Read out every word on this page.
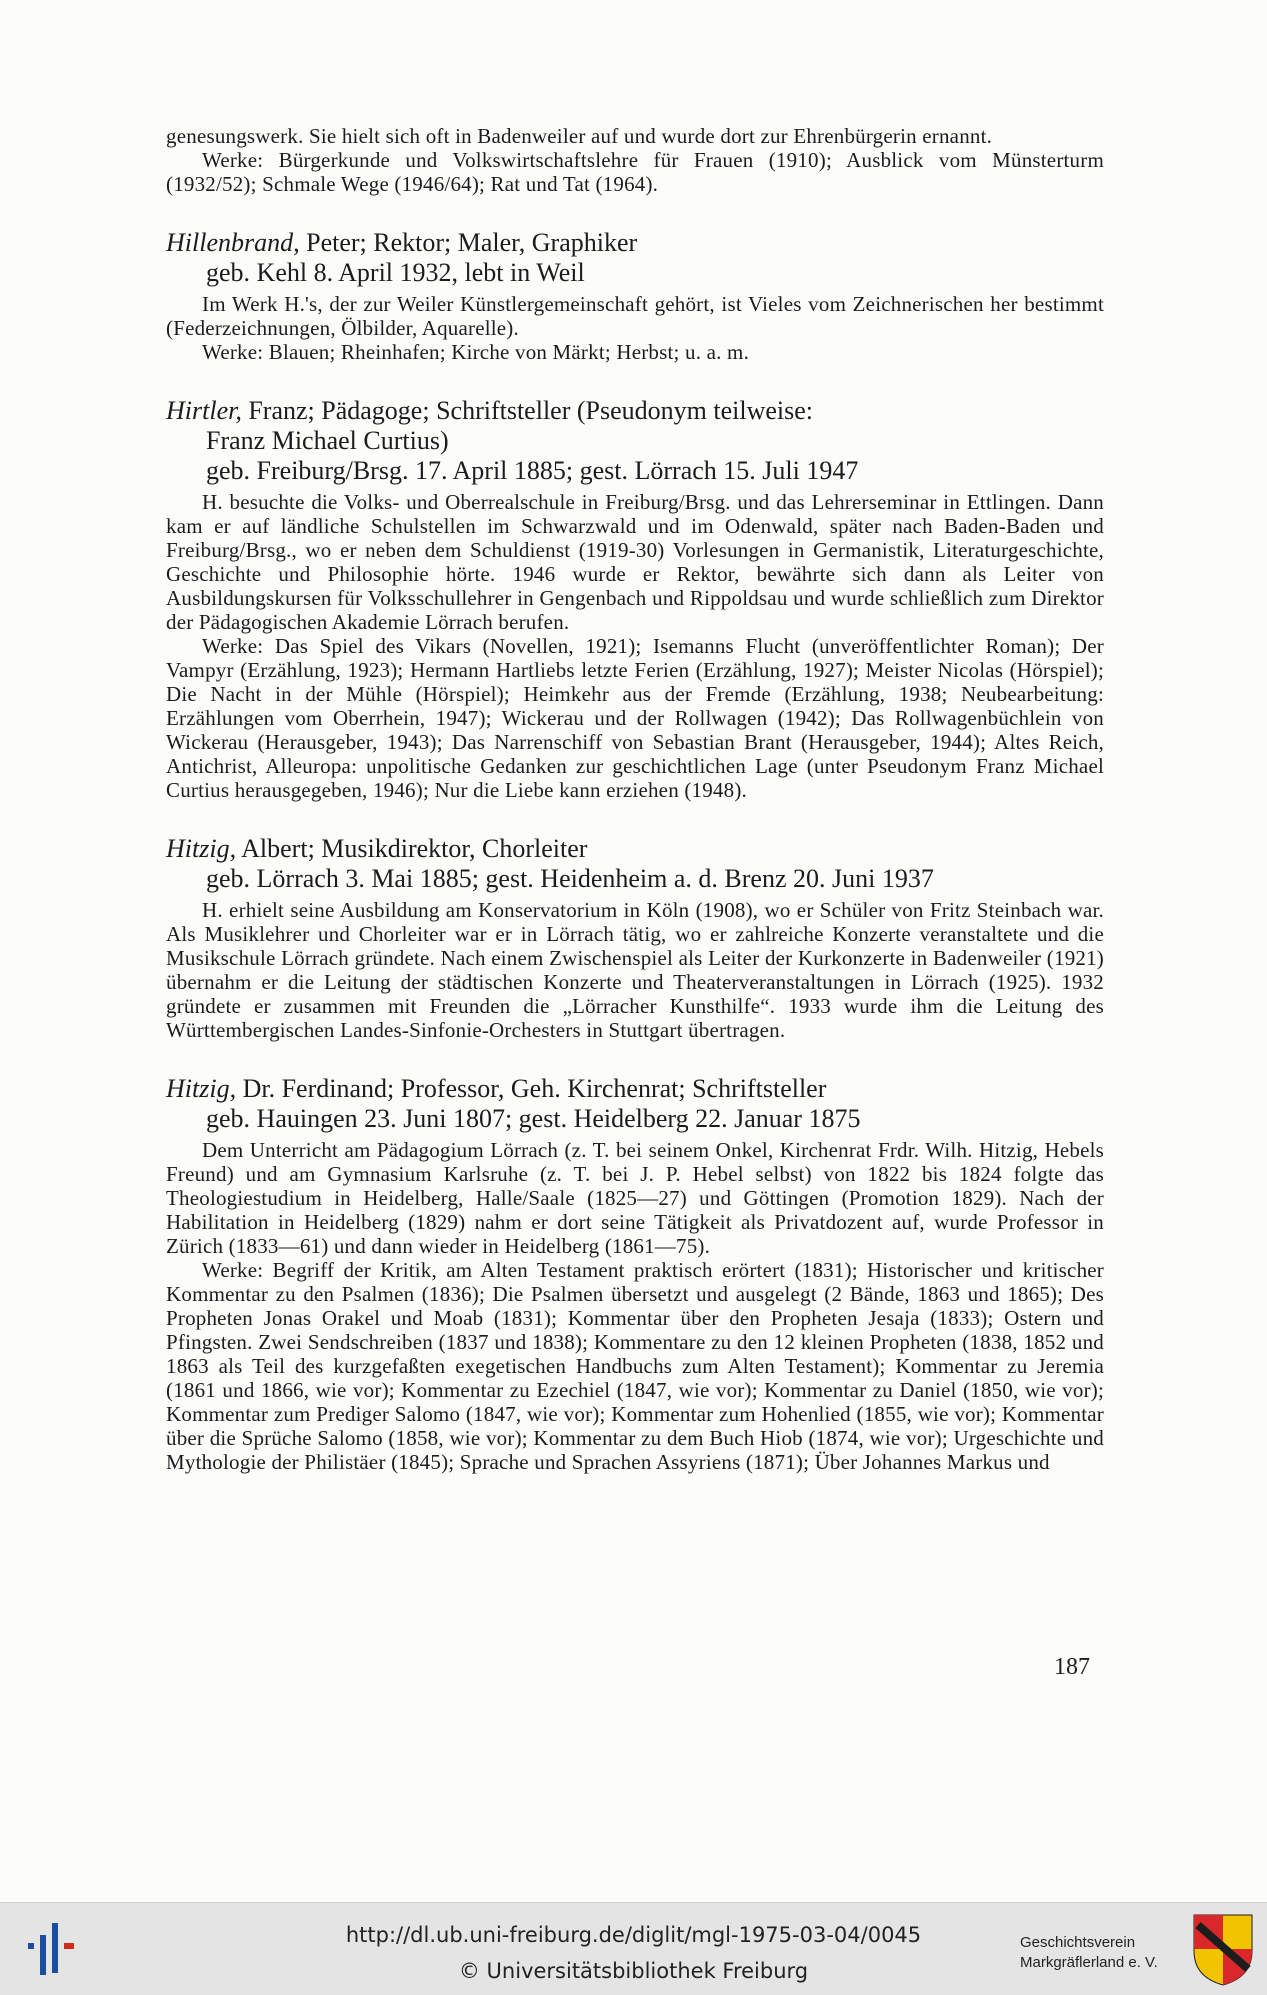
genesungswerk. Sie hielt sich oft in Badenweiler auf und wurde dort zur Ehrenbürgerin ernannt.

Werke: Bürgerkunde und Volkswirtschaftslehre für Frauen (1910); Ausblick vom Münsterturm (1932/52); Schmale Wege (1946/64); Rat und Tat (1964).

Hillenbrand, Peter; Rektor; Maler, Graphiker
geb. Kehl 8. April 1932, lebt in Weil

Im Werk H.'s, der zur Weiler Künstlergemeinschaft gehört, ist Vieles vom Zeichnerischen her bestimmt (Federzeichnungen, Ölbilder, Aquarelle).

Werke: Blauen; Rheinhafen; Kirche von Märkt; Herbst; u. a. m.

Hirtler, Franz; Pädagoge; Schriftsteller (Pseudonym teilweise:
Franz Michael Curtius)
geb. Freiburg/Brsg. 17. April 1885; gest. Lörrach 15. Juli 1947

H. besuchte die Volks- und Oberrealschule in Freiburg/Brsg. und das Lehrerseminar in Ettlingen. Dann kam er auf ländliche Schulstellen im Schwarzwald und im Odenwald, später nach Baden-Baden und Freiburg/Brsg., wo er neben dem Schuldienst (1919-30) Vorlesungen in Germanistik, Literaturgeschichte, Geschichte und Philosophie hörte. 1946 wurde er Rektor, bewährte sich dann als Leiter von Ausbildungskursen für Volksschullehrer in Gengenbach und Rippoldsau und wurde schließlich zum Direktor der Pädagogischen Akademie Lörrach berufen.

Werke: Das Spiel des Vikars (Novellen, 1921); Isemanns Flucht (unveröffentlichter Roman); Der Vampyr (Erzählung, 1923); Hermann Hartliebs letzte Ferien (Erzählung, 1927); Meister Nicolas (Hörspiel); Die Nacht in der Mühle (Hörspiel); Heimkehr aus der Fremde (Erzählung, 1938; Neubearbeitung: Erzählungen vom Oberrhein, 1947); Wickerau und der Rollwagen (1942); Das Rollwagenbüchlein von Wickerau (Herausgeber, 1943); Das Narrenschiff von Sebastian Brant (Herausgeber, 1944); Altes Reich, Antichrist, Alleuropa: unpolitische Gedanken zur geschichtlichen Lage (unter Pseudonym Franz Michael Curtius herausgegeben, 1946); Nur die Liebe kann erziehen (1948).

Hitzig, Albert; Musikdirektor, Chorleiter
geb. Lörrach 3. Mai 1885; gest. Heidenheim a. d. Brenz 20. Juni 1937

H. erhielt seine Ausbildung am Konservatorium in Köln (1908), wo er Schüler von Fritz Steinbach war. Als Musiklehrer und Chorleiter war er in Lörrach tätig, wo er zahlreiche Konzerte veranstaltete und die Musikschule Lörrach gründete. Nach einem Zwischenspiel als Leiter der Kurkonzerte in Badenweiler (1921) übernahm er die Leitung der städtischen Konzerte und Theaterveranstaltungen in Lörrach (1925). 1932 gründete er zusammen mit Freunden die „Lörracher Kunsthilfe“. 1933 wurde ihm die Leitung des Württembergischen Landes-Sinfonie-Orchesters in Stuttgart übertragen.

Hitzig, Dr. Ferdinand; Professor, Geh. Kirchenrat; Schriftsteller
geb. Hauingen 23. Juni 1807; gest. Heidelberg 22. Januar 1875

Dem Unterricht am Pädagogium Lörrach (z. T. bei seinem Onkel, Kirchenrat Frdr. Wilh. Hitzig, Hebels Freund) und am Gymnasium Karlsruhe (z. T. bei J. P. Hebel selbst) von 1822 bis 1824 folgte das Theologiestudium in Heidelberg, Halle/Saale (1825—27) und Göttingen (Promotion 1829). Nach der Habilitation in Heidelberg (1829) nahm er dort seine Tätigkeit als Privatdozent auf, wurde Professor in Zürich (1833—61) und dann wieder in Heidelberg (1861—75).

Werke: Begriff der Kritik, am Alten Testament praktisch erörtert (1831); Historischer und kritischer Kommentar zu den Psalmen (1836); Die Psalmen übersetzt und ausgelegt (2 Bände, 1863 und 1865); Des Propheten Jonas Orakel und Moab (1831); Kommentar über den Propheten Jesaja (1833); Ostern und Pfingsten. Zwei Sendschreiben (1837 und 1838); Kommentare zu den 12 kleinen Propheten (1838, 1852 und 1863 als Teil des kurzgefaßten exegetischen Handbuchs zum Alten Testament); Kommentar zu Jeremia (1861 und 1866, wie vor); Kommentar zu Ezechiel (1847, wie vor); Kommentar zu Daniel (1850, wie vor); Kommentar zum Prediger Salomo (1847, wie vor); Kommentar zum Hohenlied (1855, wie vor); Kommentar über die Sprüche Salomo (1858, wie vor); Kommentar zu dem Buch Hiob (1874, wie vor); Urgeschichte und Mythologie der Philistäer (1845); Sprache und Sprachen Assyriens (1871); Über Johannes Markus und

187
http://dl.ub.uni-freiburg.de/diglit/mgl-1975-03-04/0045
© Universitätsbibliothek Freiburg
Geschichtsverein
Markgräflerland e. V.
